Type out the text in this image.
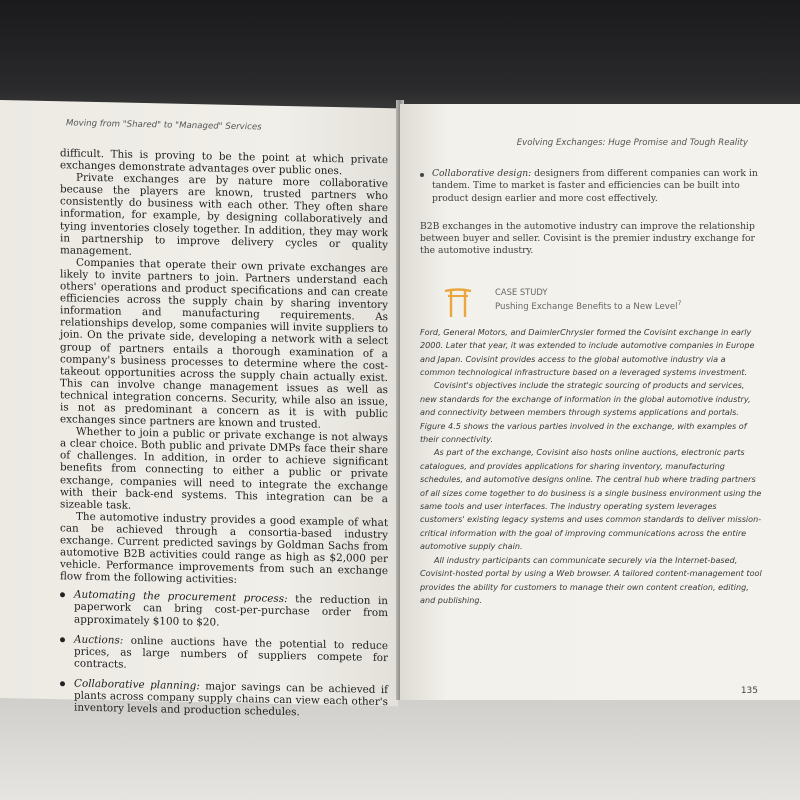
Moving from "Shared" to "Managed" Services

difficult. This is proving to be the point at which private exchanges demonstrate advantages over public ones.

Private exchanges are by nature more collaborative because the players are known, trusted partners who consistently do business with each other. They often share information, for example, by designing collaboratively and tying inventories closely together. In addition, they may work in partnership to improve delivery cycles or quality management.

Companies that operate their own private exchanges are likely to invite partners to join. Partners understand each others' operations and product specifications and can create efficiencies across the supply chain by sharing inventory information and manufacturing requirements. As relationships develop, some companies will invite suppliers to join. On the private side, developing a network with a select group of partners entails a thorough examination of a company's business processes to determine where the cost-takeout opportunities across the supply chain actually exist. This can involve change management issues as well as technical integration concerns. Security, while also an issue, is not as predominant a concern as it is with public exchanges since partners are known and trusted.

Whether to join a public or private exchange is not always a clear choice. Both public and private DMPs face their share of challenges. In addition, in order to achieve significant benefits from connecting to either a public or private exchange, companies will need to integrate the exchange with their back-end systems. This integration can be a sizeable task.

The automotive industry provides a good example of what can be achieved through a consortia-based industry exchange. Current predicted savings by Goldman Sachs from automotive B2B activities could range as high as $2,000 per vehicle. Performance improvements from such an exchange flow from the following activities:

Automating the procurement process: the reduction in paperwork can bring cost-per-purchase order from approximately $100 to $20.
Auctions: online auctions have the potential to reduce prices, as large numbers of suppliers compete for contracts.
Collaborative planning: major savings can be achieved if plants across company supply chains can view each other's inventory levels and production schedules.
Evolving Exchanges: Huge Promise and Tough Reality
Collaborative design: designers from different companies can work in tandem. Time to market is faster and efficiencies can be built into product design earlier and more cost effectively.

B2B exchanges in the automotive industry can improve the relationship between buyer and seller. Covisint is the premier industry exchange for the automotive industry.

CASE STUDY
Pushing Exchange Benefits to a New Level$^7$

Ford, General Motors, and DaimlerChrysler formed the Covisint exchange in early 2000. Later that year, it was extended to include automotive companies in Europe and Japan. Covisint provides access to the global automotive industry via a common technological infrastructure based on a leveraged systems investment.

Covisint's objectives include the strategic sourcing of products and services, new standards for the exchange of information in the global automotive industry, and connectivity between members through systems applications and portals. Figure 4.5 shows the various parties involved in the exchange, with examples of their connectivity.

As part of the exchange, Covisint also hosts online auctions, electronic parts catalogues, and provides applications for sharing inventory, manufacturing schedules, and automotive designs online. The central hub where trading partners of all sizes come together to do business is a single business environment using the same tools and user interfaces. The industry operating system leverages customers' existing legacy systems and uses common standards to deliver mission-critical information with the goal of improving communications across the entire automotive supply chain.

All industry participants can communicate securely via the Internet-based, Covisint-hosted portal by using a Web browser. A tailored content-management tool provides the ability for customers to manage their own content creation, editing, and publishing.

135
